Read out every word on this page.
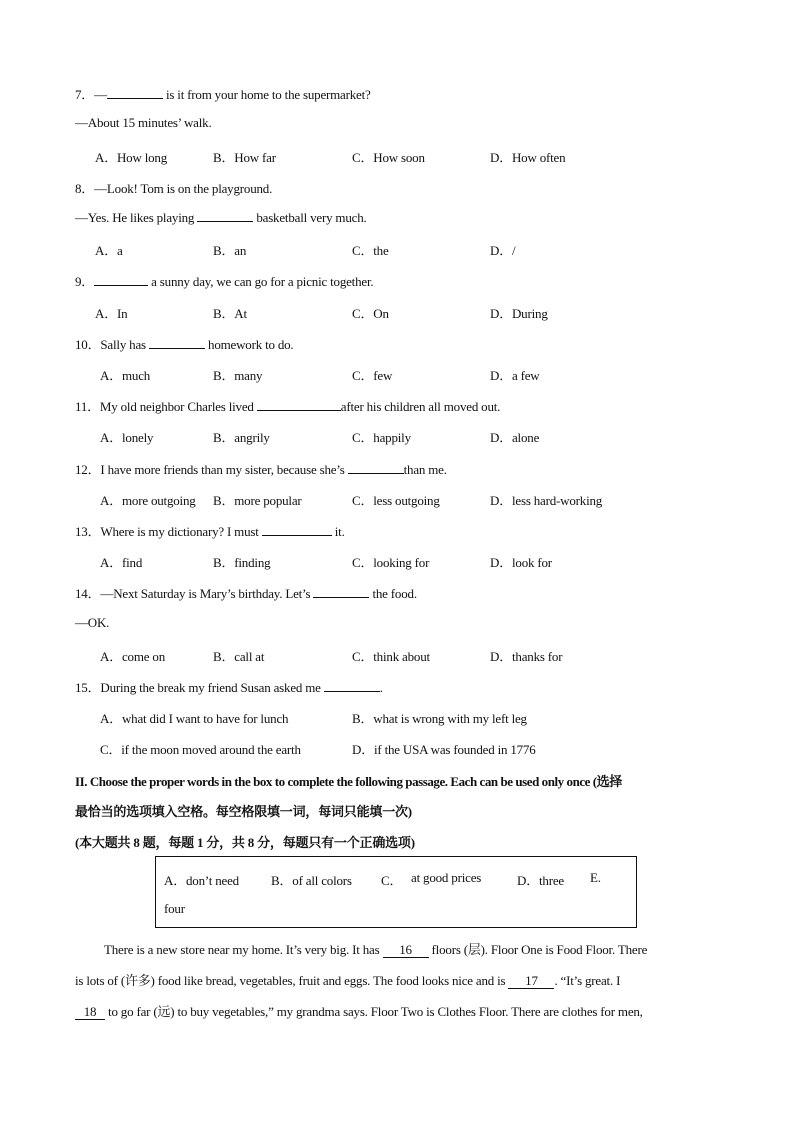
7．—	is it from your home to the supermarket?
—About 15 minutes’ walk.
A．How long	B．How far	C．How soon	D．How often
8．—Look! Tom is on the playground.
—Yes. He likes playing	basketball very much.
A．a	B．an	C．the	D．/
9．	a sunny day, we can go for a picnic together.
A．In	B．At	C．On	D．During
10．Sally has	homework to do.
A．much	B．many	C．few	D．a few
11．My old neighbor Charles lived	after his children all moved out.
A．lonely	B．angrily	C．happily	D．alone
12．I have more friends than my sister, because she’s	than me.
A．more outgoing B．more popular	C．less outgoing	D．less hard-working
13．Where is my dictionary? I must	it.
A．find	B．finding	C．looking for	D．look for
14．—Next Saturday is Mary’s birthday. Let’s	the food.
—OK.
A．come on	B．call at	C．think about	D．thanks for
15．During the break my friend Susan asked me	.
A．what did I want to have for lunch	B．what is wrong with my left leg
C．if the moon moved around the earth	D．if the USA was founded in 1776
II. Choose the proper words in the box to complete the following passage. Each can be used only once (选择
最恰当的选项填入空格。每空格限填一词，每词只能填一次)
(本大题共 8 题，每题 1 分，共 8 分，每题只有一个正确选项)
A．don’t need B．of all colors C． at good prices	D．three E.
four
There is a new store near my home. It’s very big. It has 16 floors (层). Floor One is Food Floor. There
is lots of (许多) food like bread, vegetables, fruit and eggs. The food looks nice and is 17 . “It’s great. I
18 to go far (远) to buy vegetables,” my grandma says. Floor Two is Clothes Floor. There are clothes for men,
